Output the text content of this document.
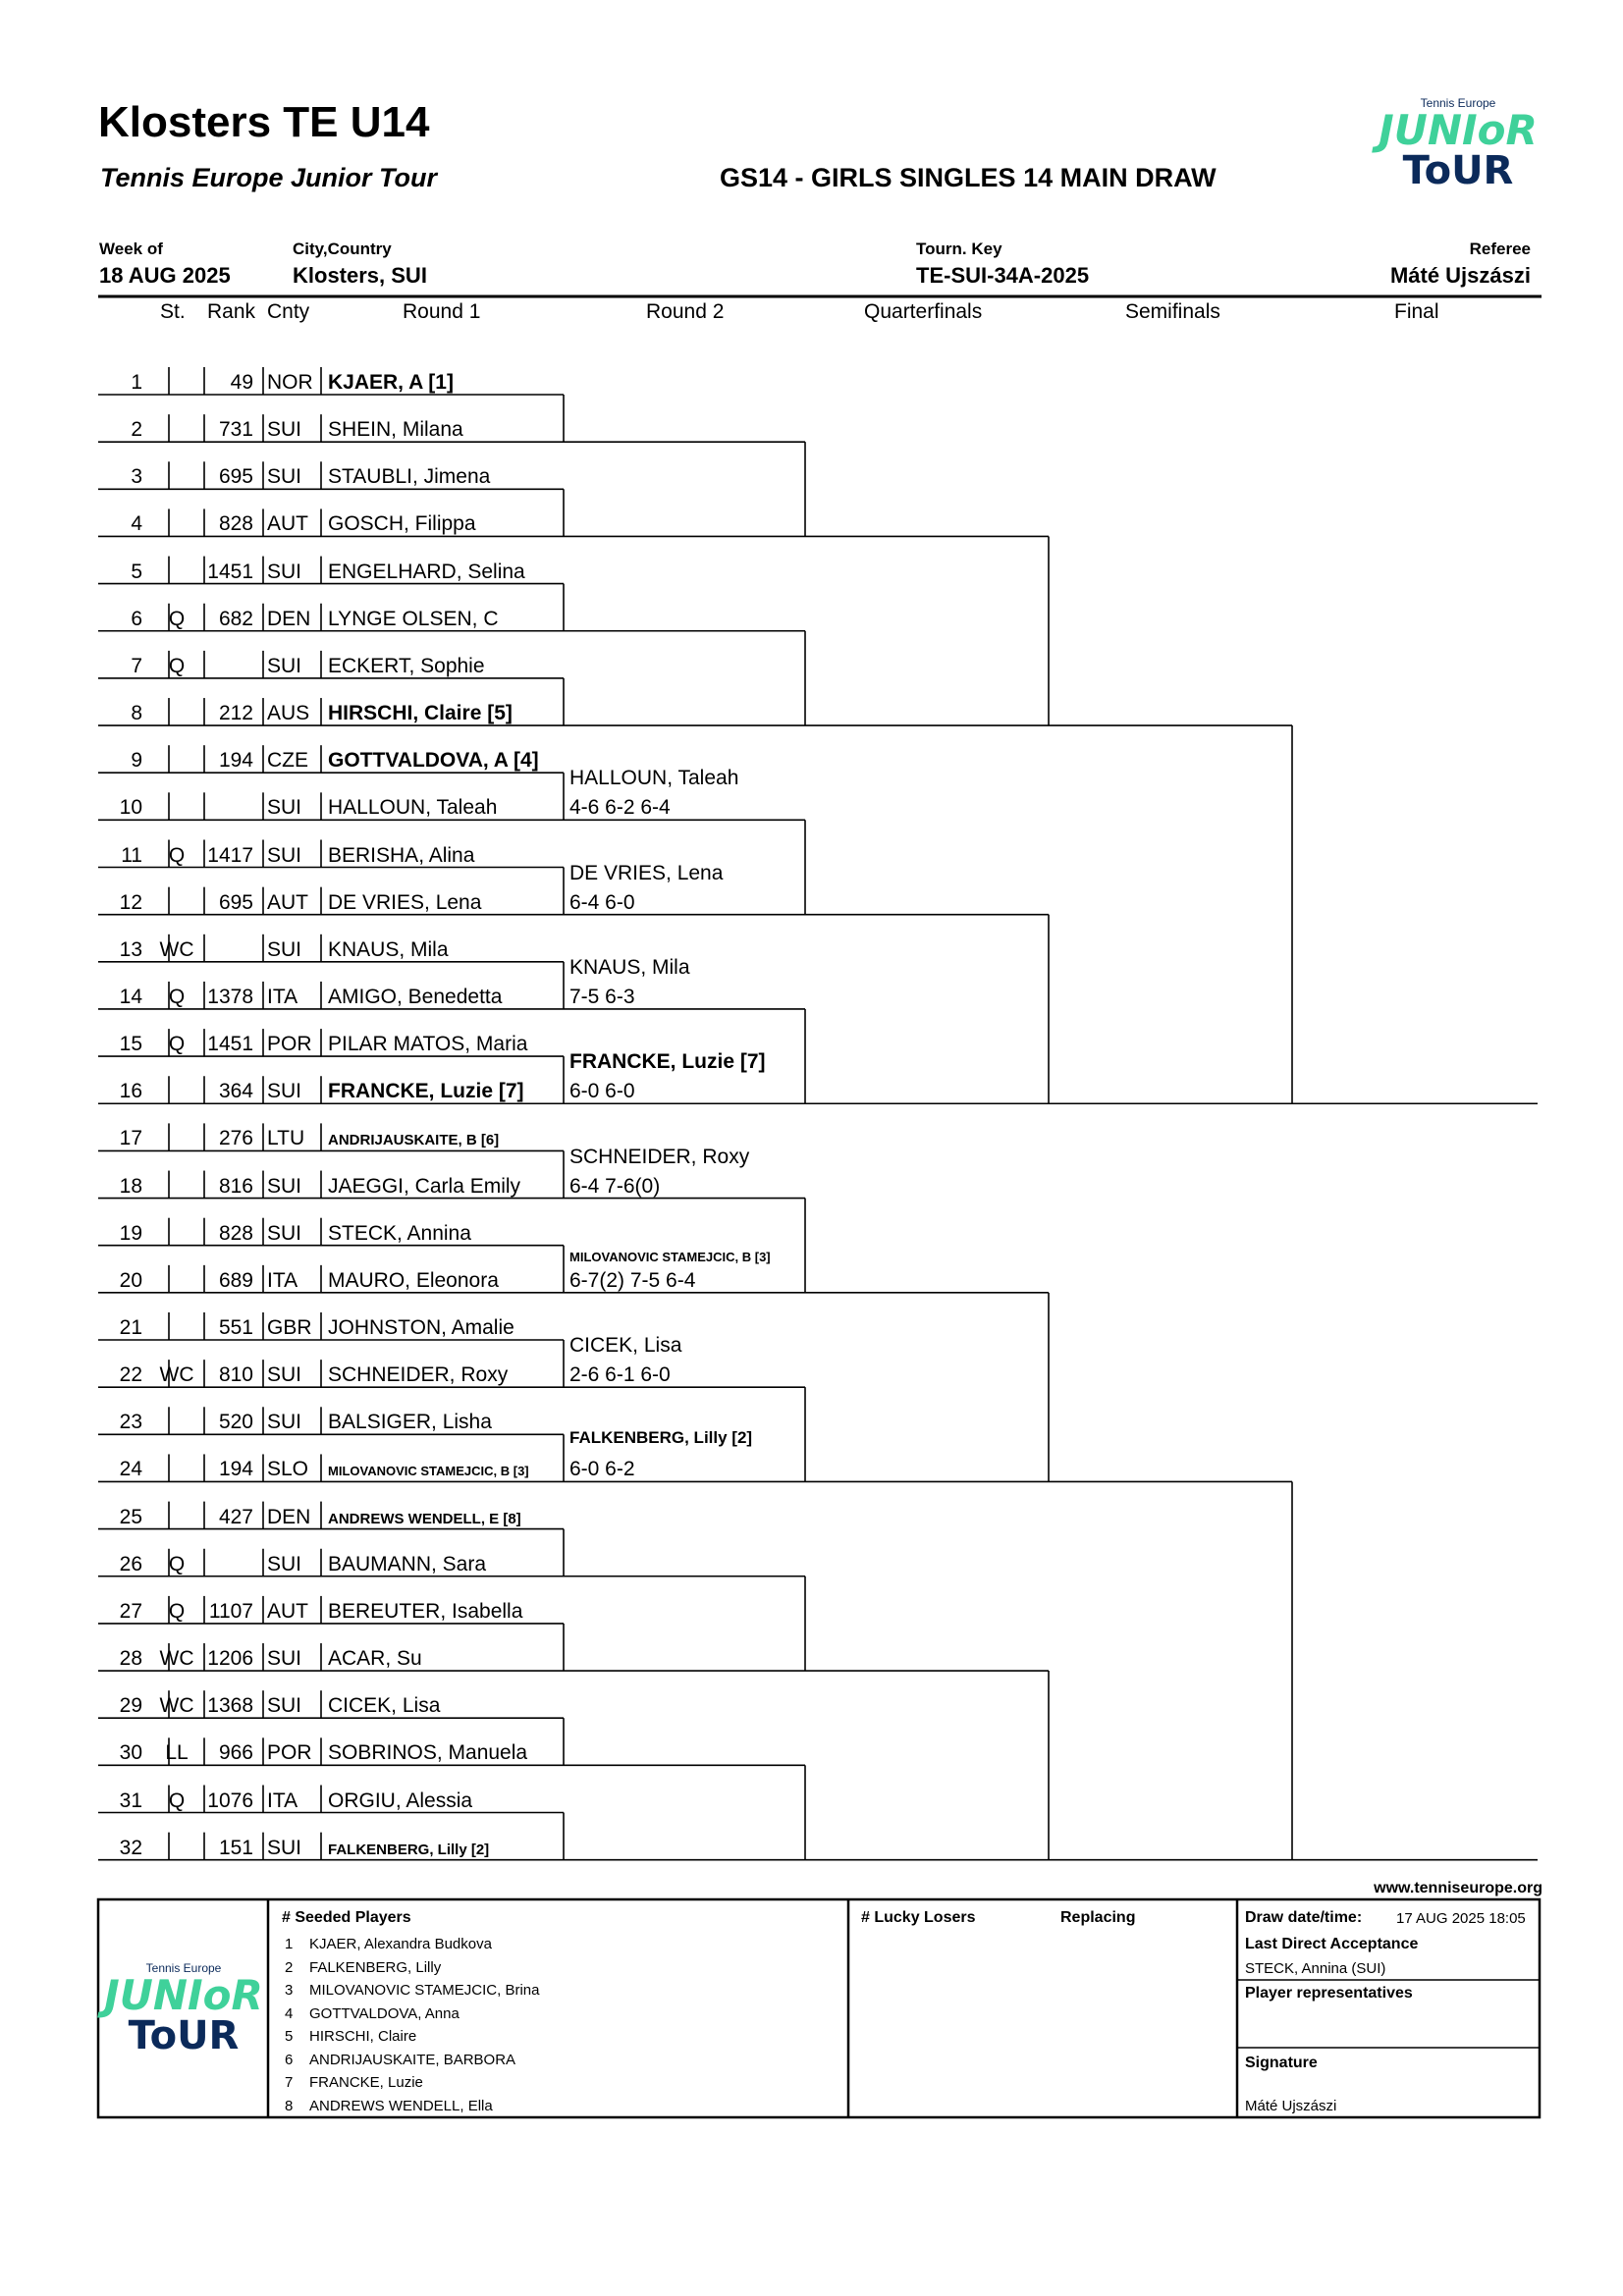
Klosters TE U14
Tennis Europe Junior Tour	GS14 - GIRLS SINGLES 14 MAIN DRAW
Tennis Europe
JUNIoR
ToUR
Week of	City,Country	Tourn. Key	Referee
18 AUG 2025	Klosters, SUI	TE-SUI-34A-2025	Máté Ujszászi
St. Rank Cnty	Round 1	Round 2	Quarterfinals	Semifinals	Final
1	49 NOR KJAER, A [1]
2	731 SUI SHEIN, Milana
3	695 SUI STAUBLI, Jimena
4	828 AUT GOSCH, Filippa
5	1451 SUI ENGELHARD, Selina
6	Q	682 DEN LYNGE OLSEN, C
7	Q	SUI ECKERT, Sophie
8	212 AUS HIRSCHI, Claire [5]
9	194 CZE GOTTVALDOVA, A [4]
10	SUI HALLOUN, Taleah
11	Q	1417 SUI BERISHA, Alina
12	695 AUT DE VRIES, Lena
13 WC	SUI KNAUS, Mila
14	Q	1378 ITA AMIGO, Benedetta
15	Q	1451 POR PILAR MATOS, Maria
16	364 SUI FRANCKE, Luzie [7]
17	276 LTU ANDRIJAUSKAITE, B [6]
18	816 SUI JAEGGI, Carla Emily
19	828 SUI STECK, Annina
20	689 ITA MAURO, Eleonora
21	551 GBR JOHNSTON, Amalie
22 WC	810 SUI SCHNEIDER, Roxy
23	520 SUI BALSIGER, Lisha
24	194 SLO MILOVANOVIC STAMEJCIC, B [3]
25	427 DEN ANDREWS WENDELL, E [8]
26	Q	SUI BAUMANN, Sara
27	Q	1107 AUT BEREUTER, Isabella
28 WC 1206 SUI ACAR, Su
29 WC 1368 SUI CICEK, Lisa
30	LL	966 POR SOBRINOS, Manuela
31	Q	1076 ITA ORGIU, Alessia
32	151 SUI FALKENBERG, Lilly [2]
HALLOUN, Taleah
4-6 6-2 6-4
DE VRIES, Lena
6-4 6-0
KNAUS, Mila
7-5 6-3
FRANCKE, Luzie [7]
6-0 6-0
SCHNEIDER, Roxy
6-4 7-6(0)
MILOVANOVIC STAMEJCIC, B [3]
6-7(2) 7-5 6-4
CICEK, Lisa
2-6 6-1 6-0
FALKENBERG, Lilly [2]
6-0 6-2
www.tenniseurope.org
Tennis Europe
JUNIoR
ToUR
# Seeded Players
1 KJAER, Alexandra Budkova
2 FALKENBERG, Lilly
3 MILOVANOVIC STAMEJCIC, Brina
4 GOTTVALDOVA, Anna
5 HIRSCHI, Claire
6 ANDRIJAUSKAITE, BARBORA
7 FRANCKE, Luzie
8 ANDREWS WENDELL, Ella
# Lucky Losers	Replacing	Draw date/time: 17 AUG 2025 18:05
Last Direct Acceptance
STECK, Annina (SUI)
Player representatives
Signature
Máté Ujszászi
